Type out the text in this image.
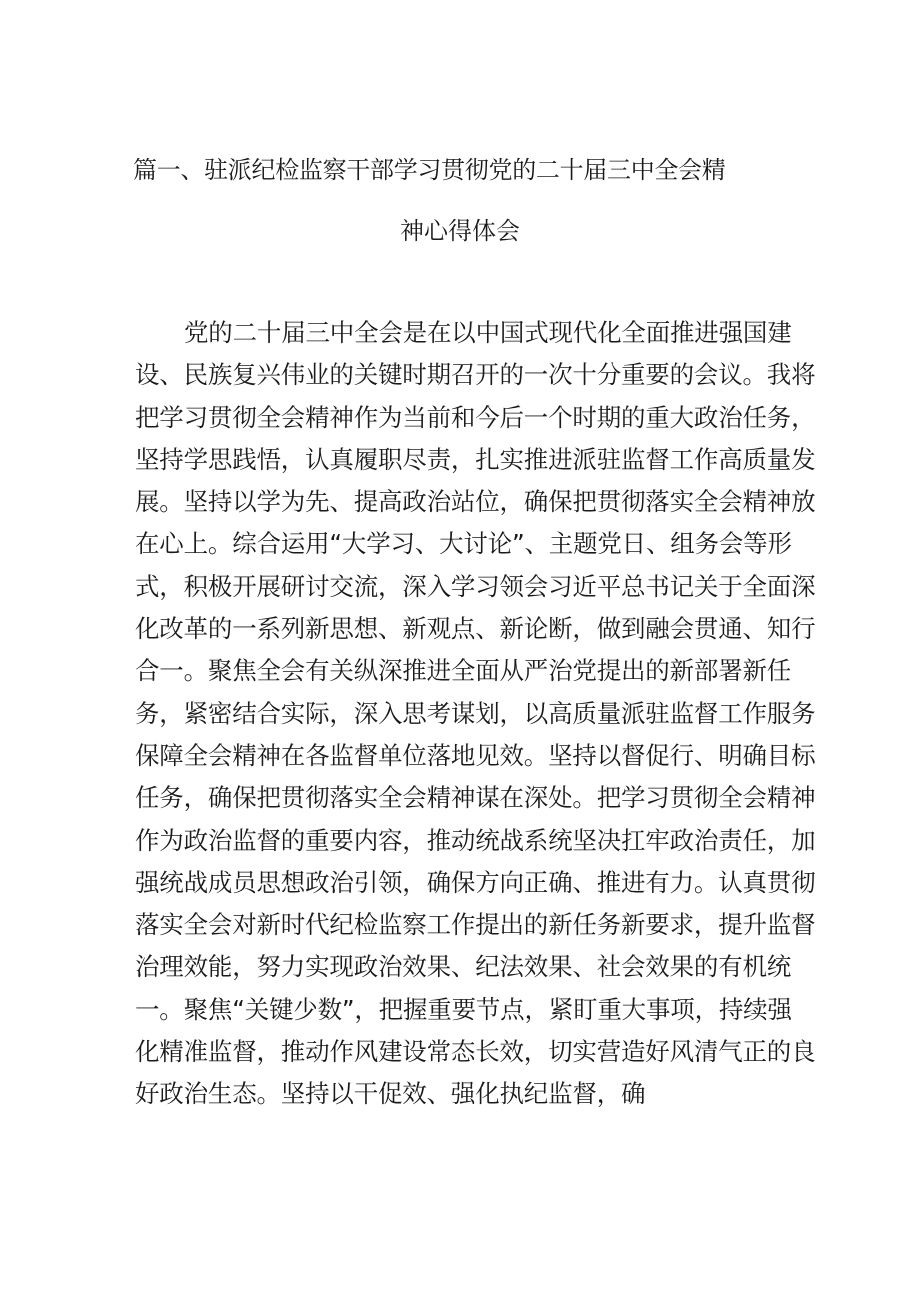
篇一、驻派纪检监察干部学习贯彻党的二十届三中全会精
神心得体会
党的二十届三中全会是在以中国式现代化全面推进强国建
设、民族复兴伟业的关键时期召开的一次十分重要的会议。我将
把学习贯彻全会精神作为当前和今后一个时期的重大政治任务，
坚持学思践悟，认真履职尽责，扎实推进派驻监督工作高质量发
展。坚持以学为先、提高政治站位，确保把贯彻落实全会精神放
在心上。综合运用“大学习、大讨论”、主题党日、组务会等形
式，积极开展研讨交流，深入学习领会习近平总书记关于全面深
化改革的一系列新思想、新观点、新论断，做到融会贯通、知行
合一。聚焦全会有关纵深推进全面从严治党提出的新部署新任
务，紧密结合实际，深入思考谋划，以高质量派驻监督工作服务
保障全会精神在各监督单位落地见效。坚持以督促行、明确目标
任务，确保把贯彻落实全会精神谋在深处。把学习贯彻全会精神
作为政治监督的重要内容，推动统战系统坚决扛牢政治责任，加
强统战成员思想政治引领，确保方向正确、推进有力。认真贯彻
落实全会对新时代纪检监察工作提出的新任务新要求，提升监督
治理效能，努力实现政治效果、纪法效果、社会效果的有机统
一。聚焦“关键少数”，把握重要节点，紧盯重大事项，持续强
化精准监督，推动作风建设常态长效，切实营造好风清气正的良
好政治生态。坚持以干促效、强化执纪监督，确
